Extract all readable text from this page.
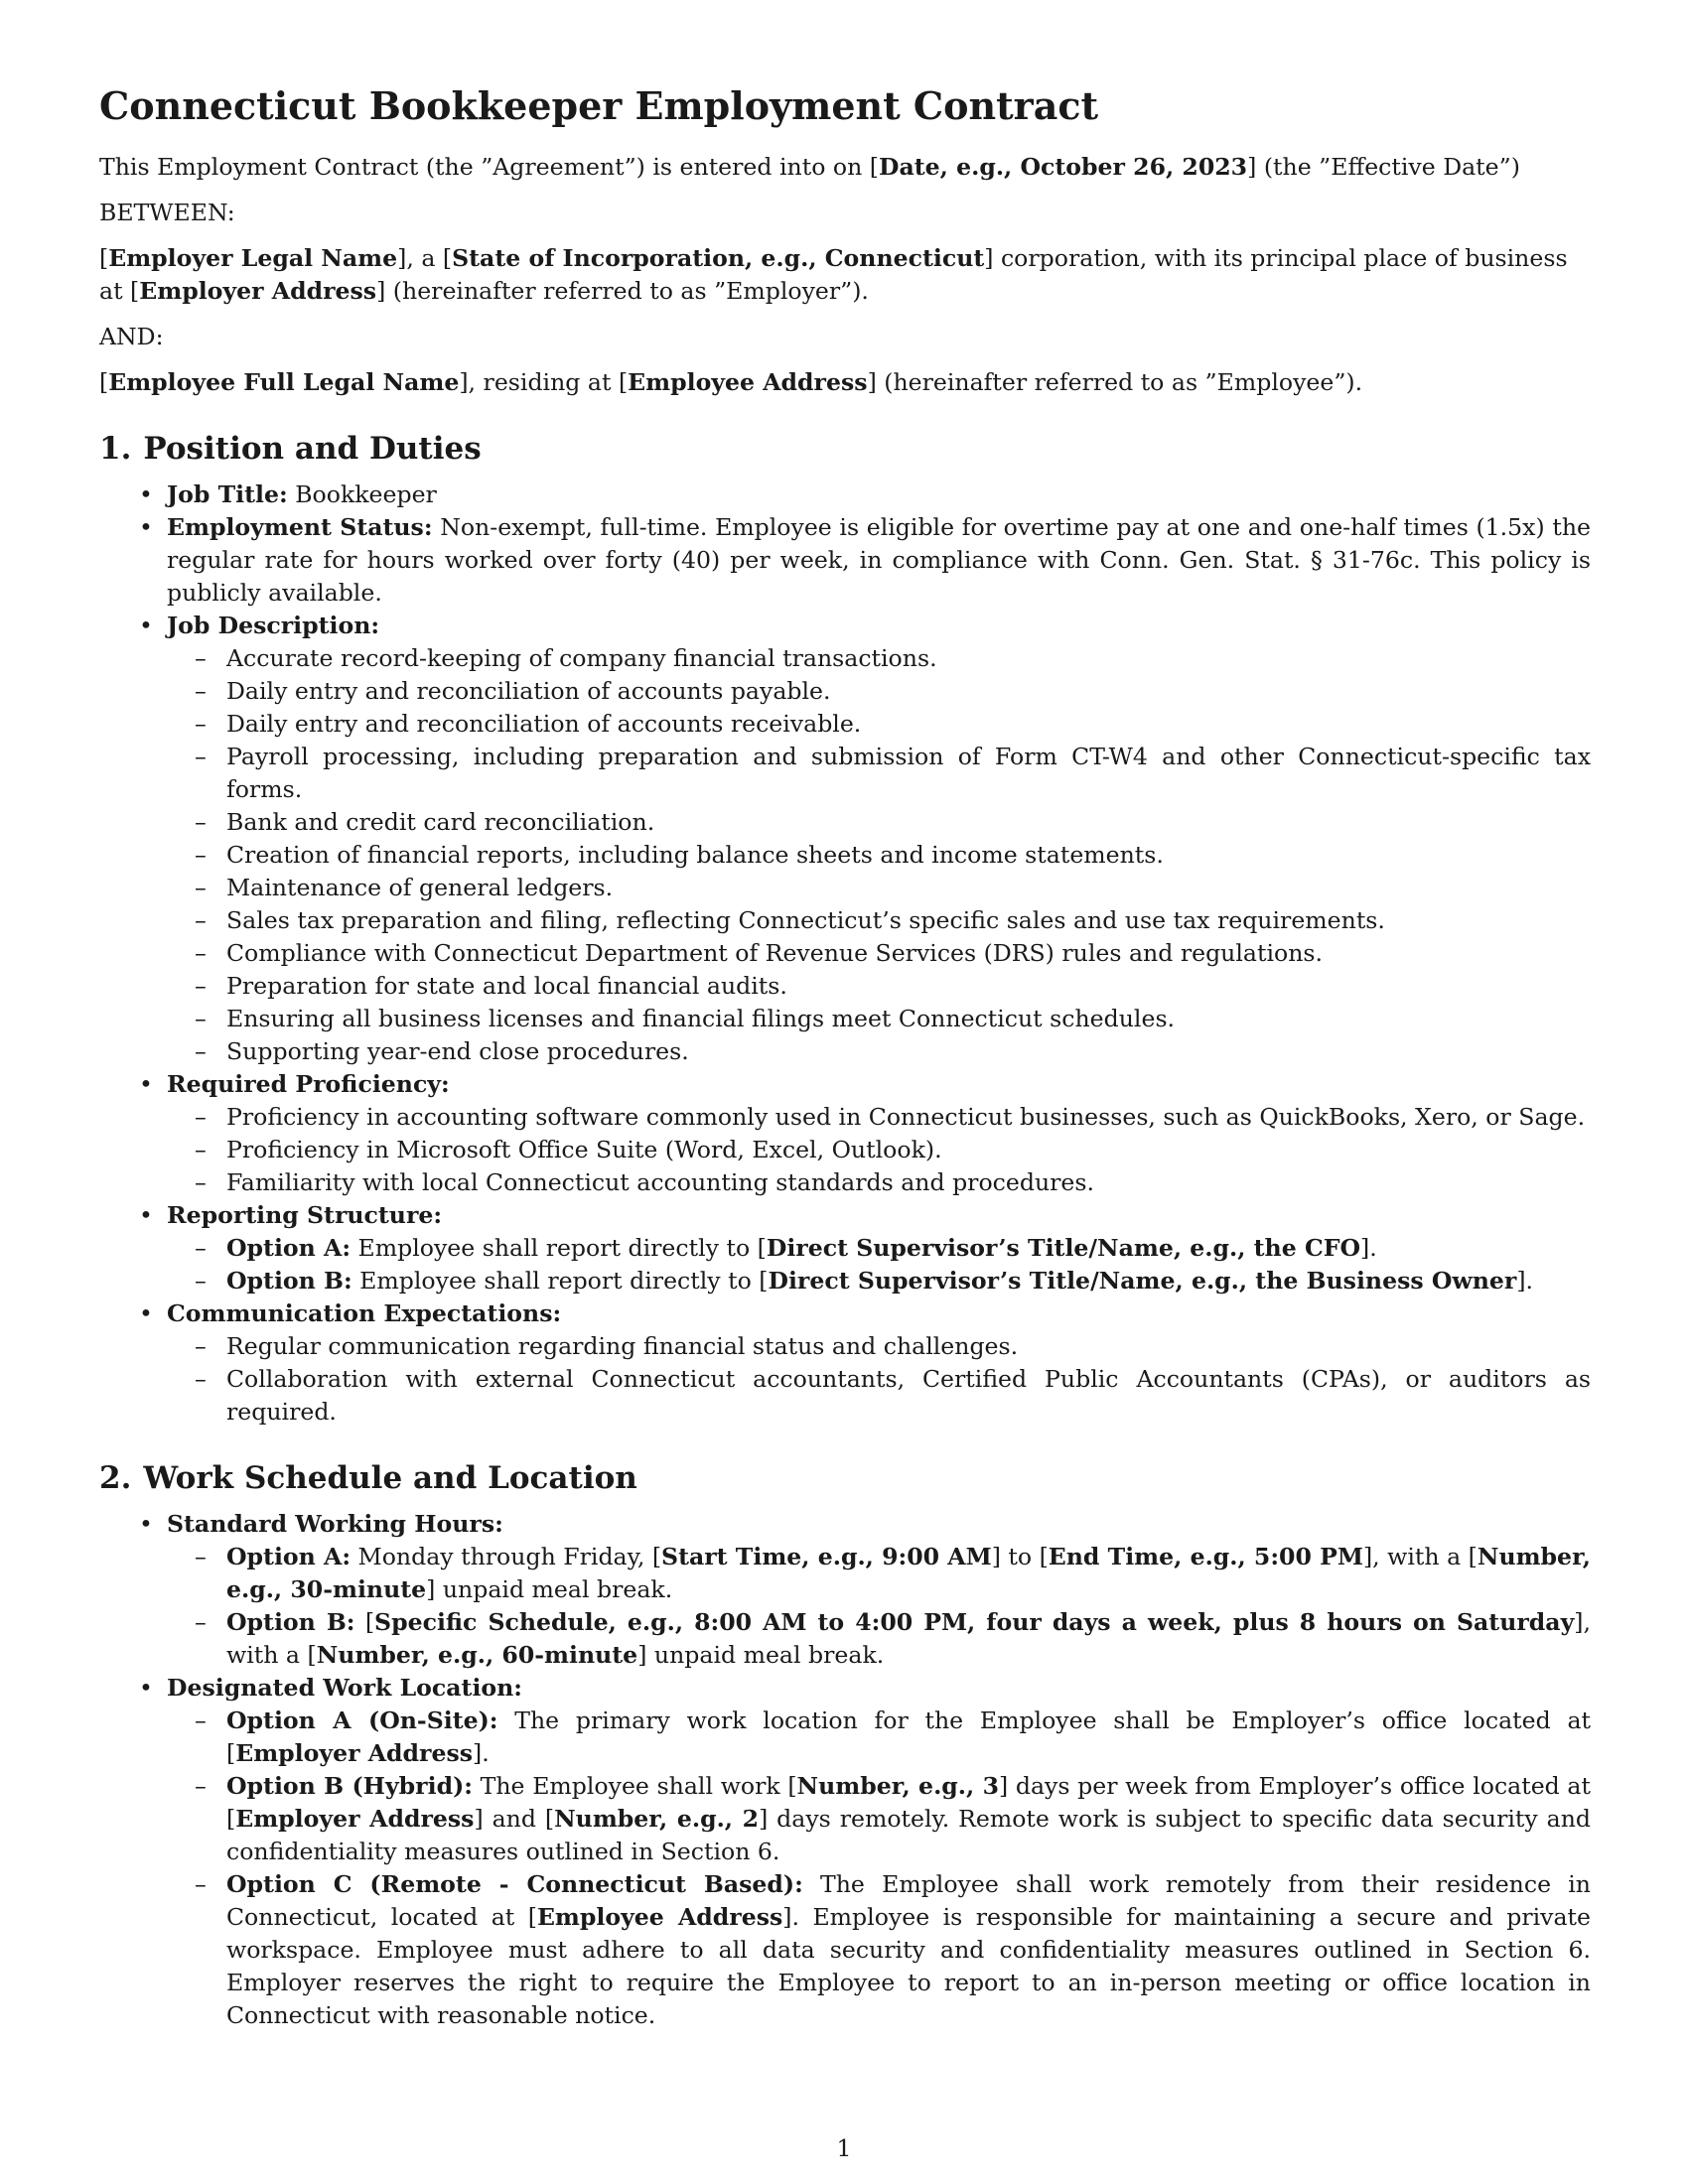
Connecticut Bookkeeper Employment Contract

This Employment Contract (the ”Agreement”) is entered into on [Date, e.g., October 26, 2023] (the ”Effective Date”)

BETWEEN:

[Employer Legal Name], a [State of Incorporation, e.g., Connecticut] corporation, with its principal place of business at [Employer Address] (hereinafter referred to as ”Employer”).

AND:

[Employee Full Legal Name], residing at [Employee Address] (hereinafter referred to as ”Employee”).

1. Position and Duties
• Job Title: Bookkeeper
• Employment Status: Non-exempt, full-time. Employee is eligible for overtime pay at one and one-half times (1.5x) the regular rate for hours worked over forty (40) per week, in compliance with Conn. Gen. Stat. § 31-76c. This policy is publicly available.
• Job Description:
– Accurate record-keeping of company financial transactions.
– Daily entry and reconciliation of accounts payable.
– Daily entry and reconciliation of accounts receivable.
– Payroll processing, including preparation and submission of Form CT-W4 and other Connecticut-specific tax forms.
– Bank and credit card reconciliation.
– Creation of financial reports, including balance sheets and income statements.
– Maintenance of general ledgers.
– Sales tax preparation and filing, reflecting Connecticut’s specific sales and use tax requirements.
– Compliance with Connecticut Department of Revenue Services (DRS) rules and regulations.
– Preparation for state and local financial audits.
– Ensuring all business licenses and financial filings meet Connecticut schedules.
– Supporting year-end close procedures.
• Required Proficiency:
– Proficiency in accounting software commonly used in Connecticut businesses, such as QuickBooks, Xero, or Sage.
– Proficiency in Microsoft Office Suite (Word, Excel, Outlook).
– Familiarity with local Connecticut accounting standards and procedures.
• Reporting Structure:
– Option A: Employee shall report directly to [Direct Supervisor’s Title/Name, e.g., the CFO].
– Option B: Employee shall report directly to [Direct Supervisor’s Title/Name, e.g., the Business Owner].
• Communication Expectations:
– Regular communication regarding financial status and challenges.
– Collaboration with external Connecticut accountants, Certified Public Accountants (CPAs), or auditors as required.
2. Work Schedule and Location
• Standard Working Hours:
– Option A: Monday through Friday, [Start Time, e.g., 9:00 AM] to [End Time, e.g., 5:00 PM], with a [Number, e.g., 30-minute] unpaid meal break.
– Option B: [Specific Schedule, e.g., 8:00 AM to 4:00 PM, four days a week, plus 8 hours on Saturday], with a [Number, e.g., 60-minute] unpaid meal break.
• Designated Work Location:
– Option A (On-Site): The primary work location for the Employee shall be Employer’s office located at [Employer Address].
– Option B (Hybrid): The Employee shall work [Number, e.g., 3] days per week from Employer’s office located at [Employer Address] and [Number, e.g., 2] days remotely. Remote work is subject to specific data security and confidentiality measures outlined in Section 6.
– Option C (Remote - Connecticut Based): The Employee shall work remotely from their residence in Connecticut, located at [Employee Address]. Employee is responsible for maintaining a secure and private workspace. Employee must adhere to all data security and confidentiality measures outlined in Section 6. Employer reserves the right to require the Employee to report to an in-person meeting or office location in Connecticut with reasonable notice.
1
